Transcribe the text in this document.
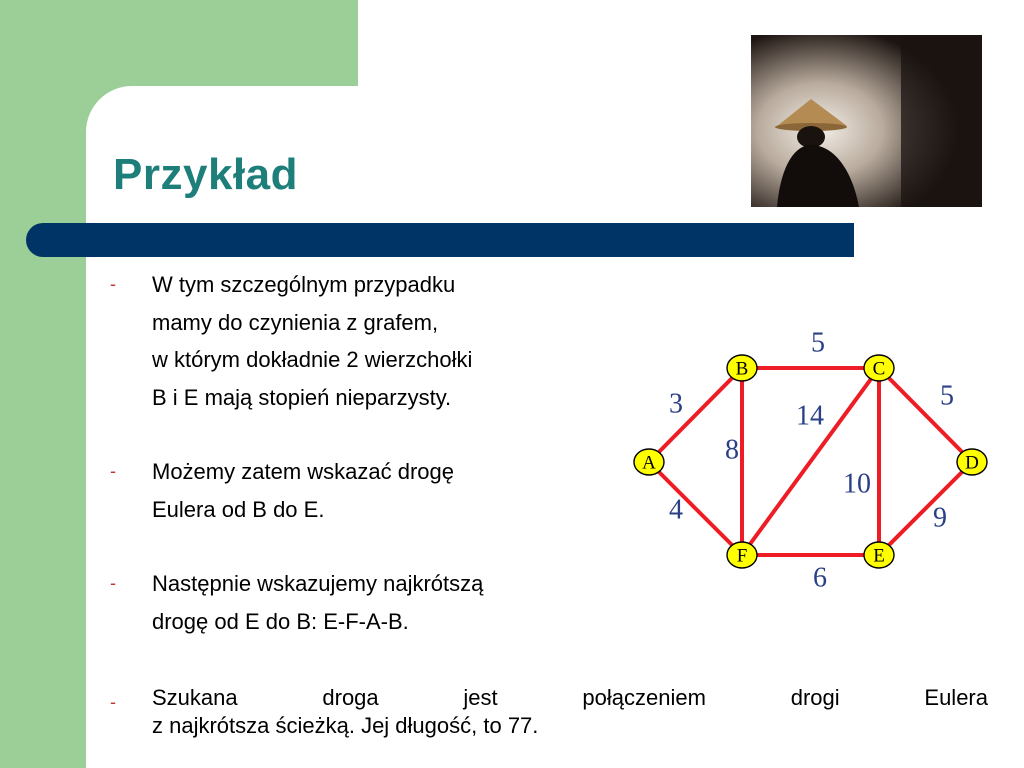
Przykład
-	W tym szczególnym przypadku
mamy do czynienia z grafem,
w którym dokładnie 2 wierzchołki
B i E mają stopień nieparzysty.
-	Możemy zatem wskazać drogę
Eulera od B do E.
-	Następnie wskazujemy najkrótszą
drogę od E do B: E-F-A-B.
-	Szukana droga jest połączeniem drogi Eulera
z najkrótsza ścieżką. Jej długość, to 77.
3
4
5
8
14
5
10
9
6
A
B	C
D
E
F
